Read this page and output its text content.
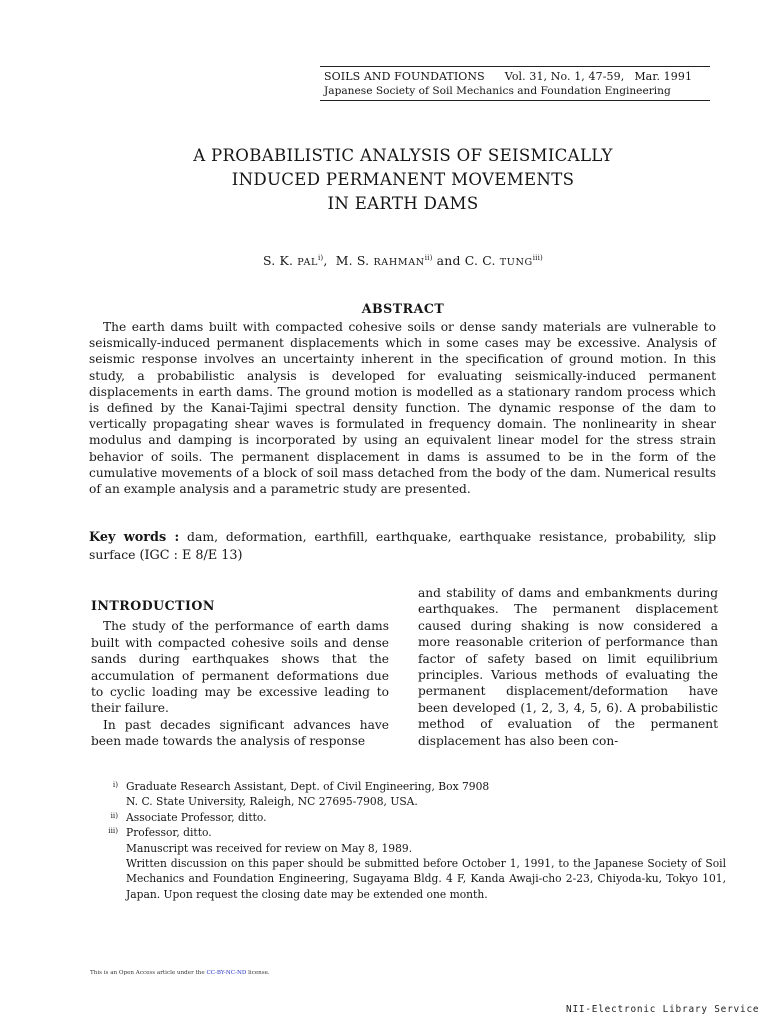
SOILS AND FOUNDATIONS Vol. 31, No. 1, 47-59, Mar. 1991
Japanese Society of Soil Mechanics and Foundation Engineering
A PROBABILISTIC ANALYSIS OF SEISMICALLY
INDUCED PERMANENT MOVEMENTS
IN EARTH DAMS
S. K. PAL$^{i)}$,  M. S. RAHMAN$^{ii)}$ and C. C. TUNG$^{iii)}$
ABSTRACT
The earth dams built with compacted cohesive soils or dense sandy materials are vulnerable to seismically-induced permanent displacements which in some cases may be excessive. Analysis of seismic response involves an uncertainty inherent in the specification of ground motion. In this study, a probabilistic analysis is developed for evaluating seismically-induced permanent displacements in earth dams. The ground motion is modelled as a stationary random process which is defined by the Kanai-Tajimi spectral density function. The dynamic response of the dam to vertically propagating shear waves is formulated in frequency domain. The nonlinearity in shear modulus and damping is incorporated by using an equivalent linear model for the stress strain behavior of soils. The permanent displacement in dams is assumed to be in the form of the cumulative movements of a block of soil mass detached from the body of the dam. Numerical results of an example analysis and a parametric study are presented.
Key words : dam, deformation, earthfill, earthquake, earthquake resistance, probability, slip surface (IGC : E 8/E 13)
INTRODUCTION

The study of the performance of earth dams built with compacted cohesive soils and dense sands during earthquakes shows that the accumulation of permanent deformations due to cyclic loading may be excessive leading to their failure.

In past decades significant advances have been made towards the analysis of response

and stability of dams and embankments during earthquakes. The permanent displacement caused during shaking is now considered a more reasonable criterion of performance than factor of safety based on limit equilibrium principles. Various methods of evaluating the permanent displacement/deformation have been developed (1, 2, 3, 4, 5, 6). A probabilistic method of evaluation of the permanent displacement has also been con-

i) Graduate Research Assistant, Dept. of Civil Engineering, Box 7908
N. C. State University, Raleigh, NC 27695-7908, USA.
ii) Associate Professor, ditto.
iii) Professor, ditto.
Manuscript was received for review on May 8, 1989.
Written discussion on this paper should be submitted before October 1, 1991, to the Japanese Society of Soil Mechanics and Foundation Engineering, Sugayama Bldg. 4 F, Kanda Awaji-cho 2-23, Chiyoda-ku, Tokyo 101, Japan. Upon request the closing date may be extended one month.
This is an Open Access article under the CC-BY-NC-ND license.
NII-Electronic Library Service
